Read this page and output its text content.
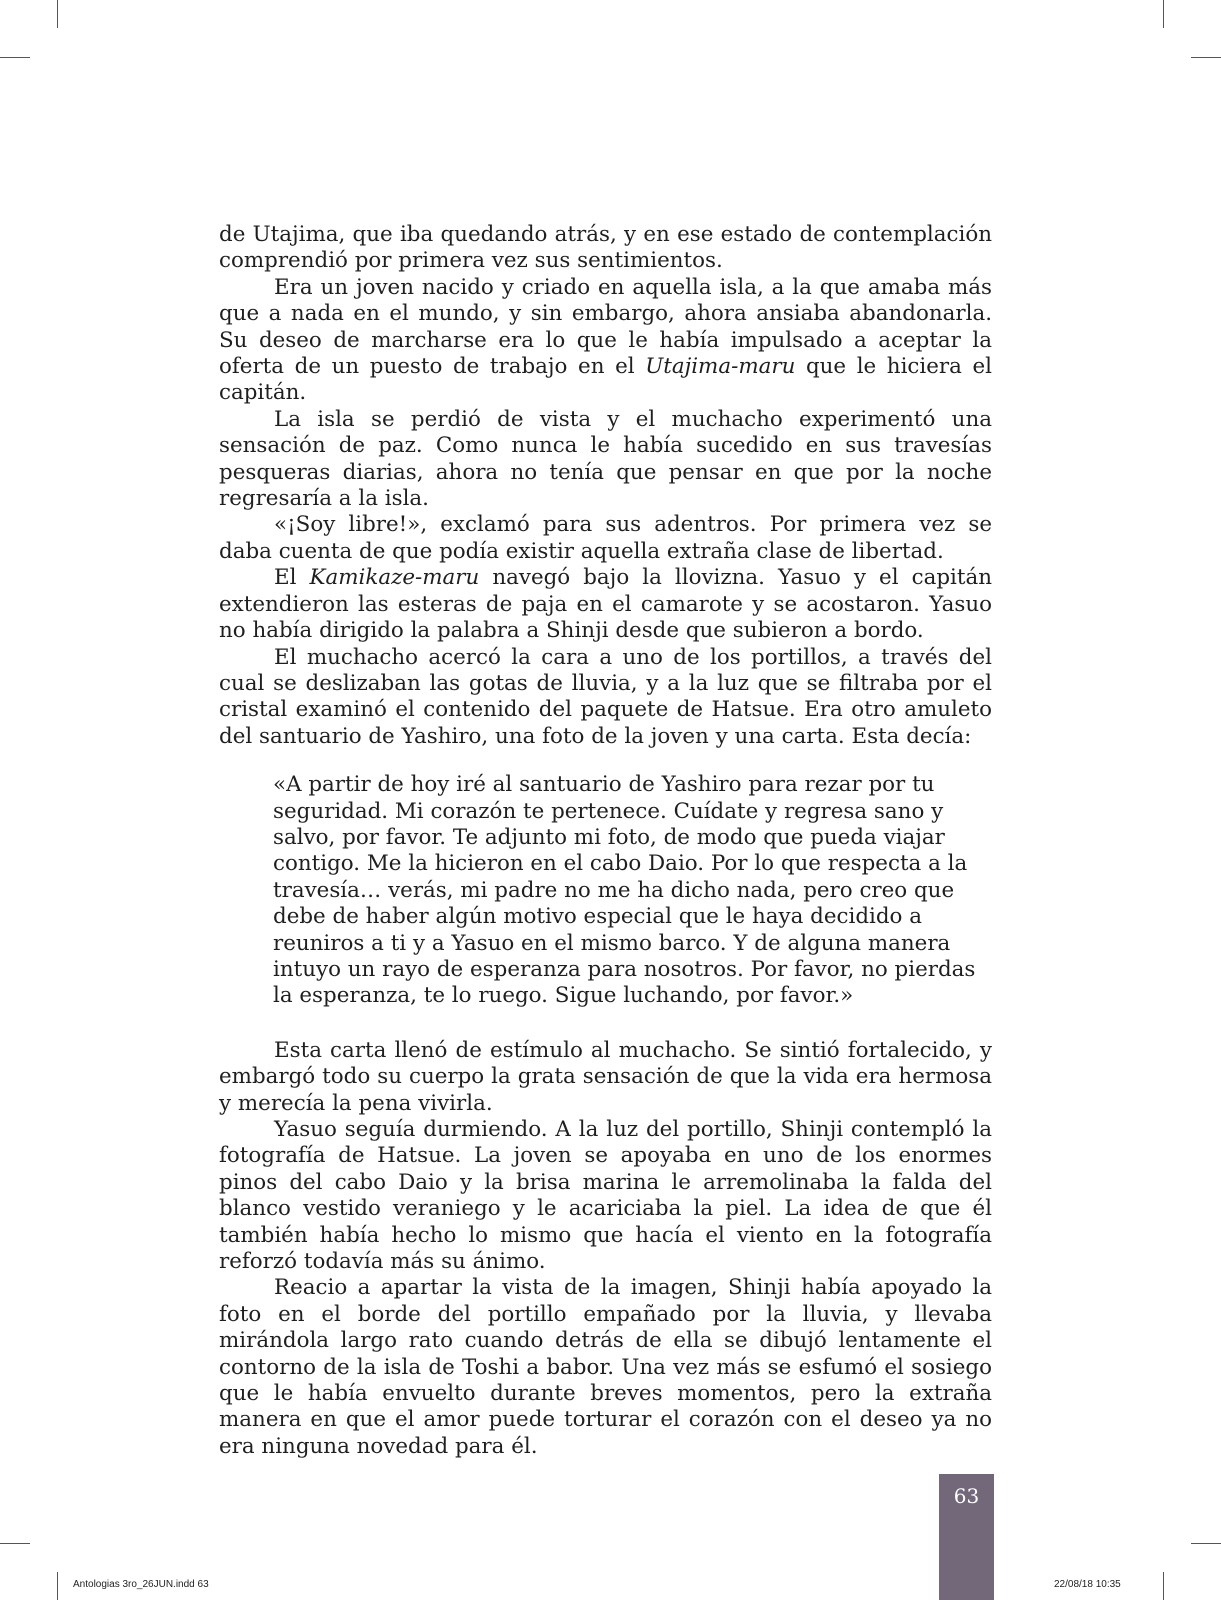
de Utajima, que iba quedando atrás, y en ese estado de contemplación comprendió por primera vez sus sentimientos.

Era un joven nacido y criado en aquella isla, a la que amaba más que a nada en el mundo, y sin embargo, ahora ansiaba abandonarla. Su deseo de marcharse era lo que le había impulsado a aceptar la oferta de un puesto de trabajo en el Utajima-maru que le hiciera el capitán.

La isla se perdió de vista y el muchacho experimentó una sensación de paz. Como nunca le había sucedido en sus travesías pesqueras diarias, ahora no tenía que pensar en que por la noche regresaría a la isla.

«¡Soy libre!», exclamó para sus adentros. Por primera vez se daba cuenta de que podía existir aquella extraña clase de libertad.

El Kamikaze-maru navegó bajo la llovizna. Yasuo y el capitán extendieron las esteras de paja en el camarote y se acostaron. Yasuo no había dirigido la palabra a Shinji desde que subieron a bordo.

El muchacho acercó la cara a uno de los portillos, a través del cual se deslizaban las gotas de lluvia, y a la luz que se filtraba por el cristal examinó el contenido del paquete de Hatsue. Era otro amuleto del santuario de Yashiro, una foto de la joven y una carta. Esta decía:

«A partir de hoy iré al santuario de Yashiro para rezar por tu seguridad. Mi corazón te pertenece. Cuídate y regresa sano y salvo, por favor. Te adjunto mi foto, de modo que pueda viajar contigo. Me la hicieron en el cabo Daio. Por lo que respecta a la travesía… verás, mi padre no me ha dicho nada, pero creo que debe de haber algún motivo especial que le haya decidido a reuniros a ti y a Yasuo en el mismo barco. Y de alguna manera intuyo un rayo de esperanza para nosotros. Por favor, no pierdas la esperanza, te lo ruego. Sigue luchando, por favor.»

Esta carta llenó de estímulo al muchacho. Se sintió fortalecido, y embargó todo su cuerpo la grata sensación de que la vida era hermosa y merecía la pena vivirla.

Yasuo seguía durmiendo. A la luz del portillo, Shinji contempló la fotografía de Hatsue. La joven se apoyaba en uno de los enormes pinos del cabo Daio y la brisa marina le arremolinaba la falda del blanco vestido veraniego y le acariciaba la piel. La idea de que él también había hecho lo mismo que hacía el viento en la fotografía reforzó todavía más su ánimo.

Reacio a apartar la vista de la imagen, Shinji había apoyado la foto en el borde del portillo empañado por la lluvia, y llevaba mirándola largo rato cuando detrás de ella se dibujó lentamente el contorno de la isla de Toshi a babor. Una vez más se esfumó el sosiego que le había envuelto durante breves momentos, pero la extraña manera en que el amor puede torturar el corazón con el deseo ya no era ninguna novedad para él.

63
Antologias 3ro_26JUN.indd 63	22/08/18 10:35
